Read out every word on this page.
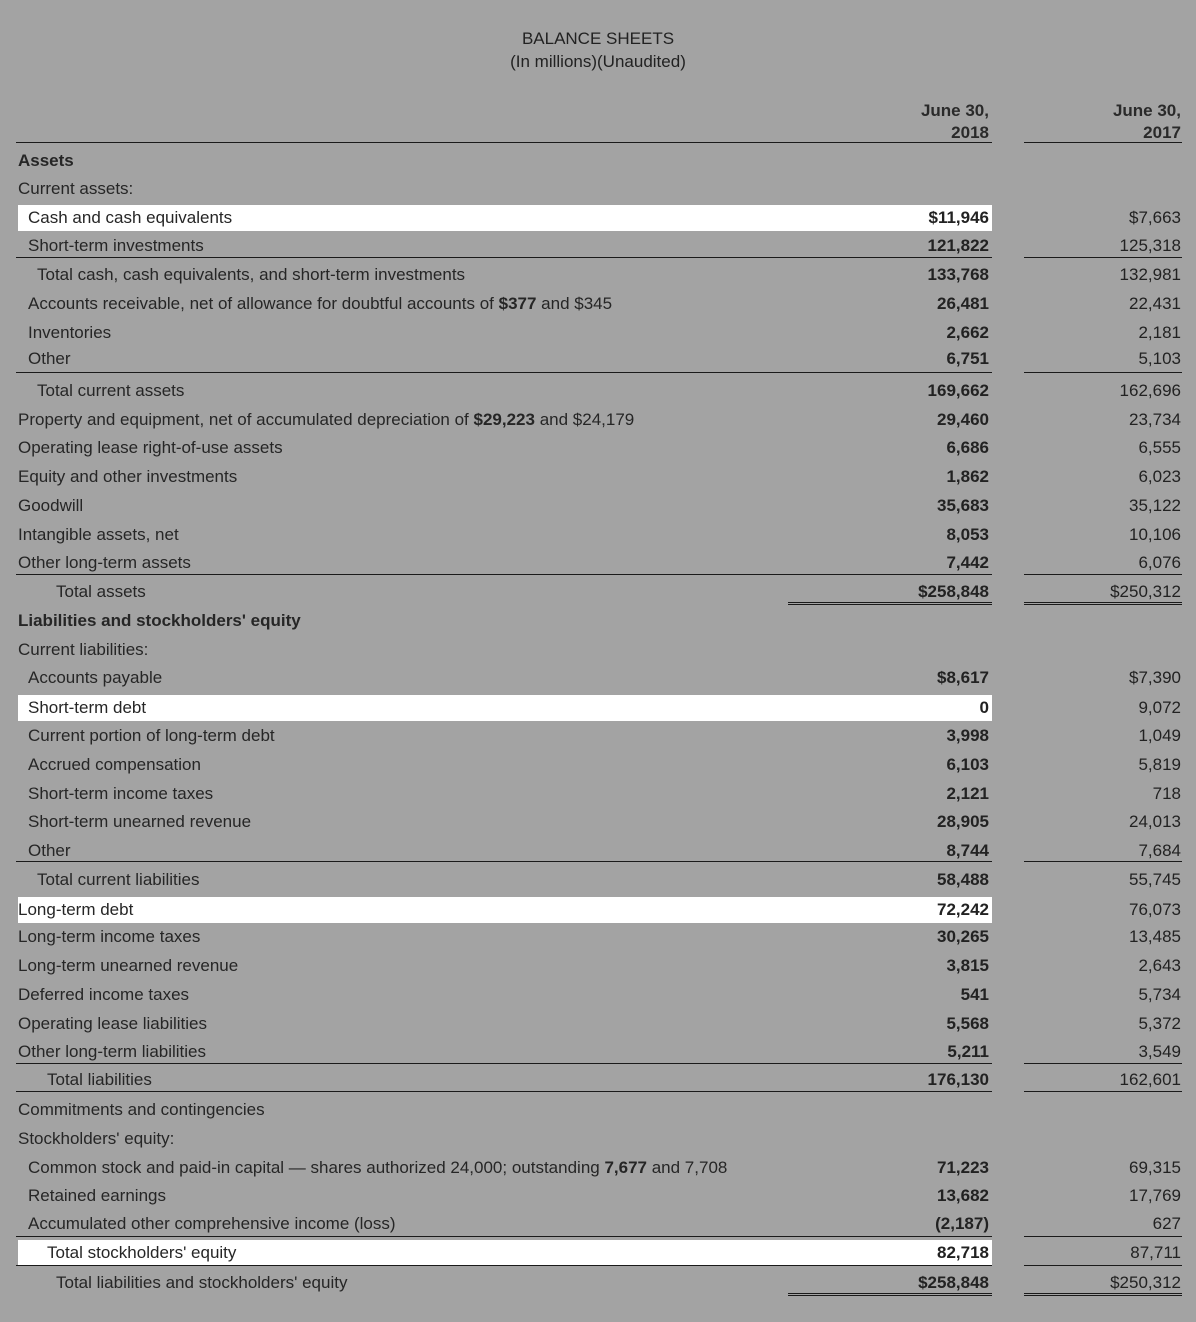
BALANCE SHEETS
(In millions)(Unaudited)
June 30,
2018
June 30,
2017
Assets
Current assets:
Cash and cash equivalents	$11,946	$7,663
Short-term investments	121,822	125,318
Total cash, cash equivalents, and short-term investments	133,768	132,981
Accounts receivable, net of allowance for doubtful accounts of $377 and $345	26,481	22,431
Inventories	2,662	2,181
Other	6,751	5,103
Total current assets	169,662	162,696
Property and equipment, net of accumulated depreciation of $29,223 and $24,179	29,460	23,734
Operating lease right-of-use assets	6,686	6,555
Equity and other investments	1,862	6,023
Goodwill	35,683	35,122
Intangible assets, net	8,053	10,106
Other long-term assets	7,442	6,076
Total assets	$258,848	$250,312
Liabilities and stockholders' equity
Current liabilities:
Accounts payable	$8,617	$7,390
Short-term debt	0	9,072
Current portion of long-term debt	3,998	1,049
Accrued compensation	6,103	5,819
Short-term income taxes	2,121	718
Short-term unearned revenue	28,905	24,013
Other	8,744	7,684
Total current liabilities	58,488	55,745
Long-term debt	72,242	76,073
Long-term income taxes	30,265	13,485
Long-term unearned revenue	3,815	2,643
Deferred income taxes	541	5,734
Operating lease liabilities	5,568	5,372
Other long-term liabilities	5,211	3,549
Total liabilities	176,130	162,601
Commitments and contingencies
Stockholders' equity:
Common stock and paid-in capital — shares authorized 24,000; outstanding 7,677 and 7,708	71,223	69,315
Retained earnings	13,682	17,769
Accumulated other comprehensive income (loss)	(2,187)	627
Total stockholders' equity	82,718	87,711
Total liabilities and stockholders' equity	$258,848	$250,312
